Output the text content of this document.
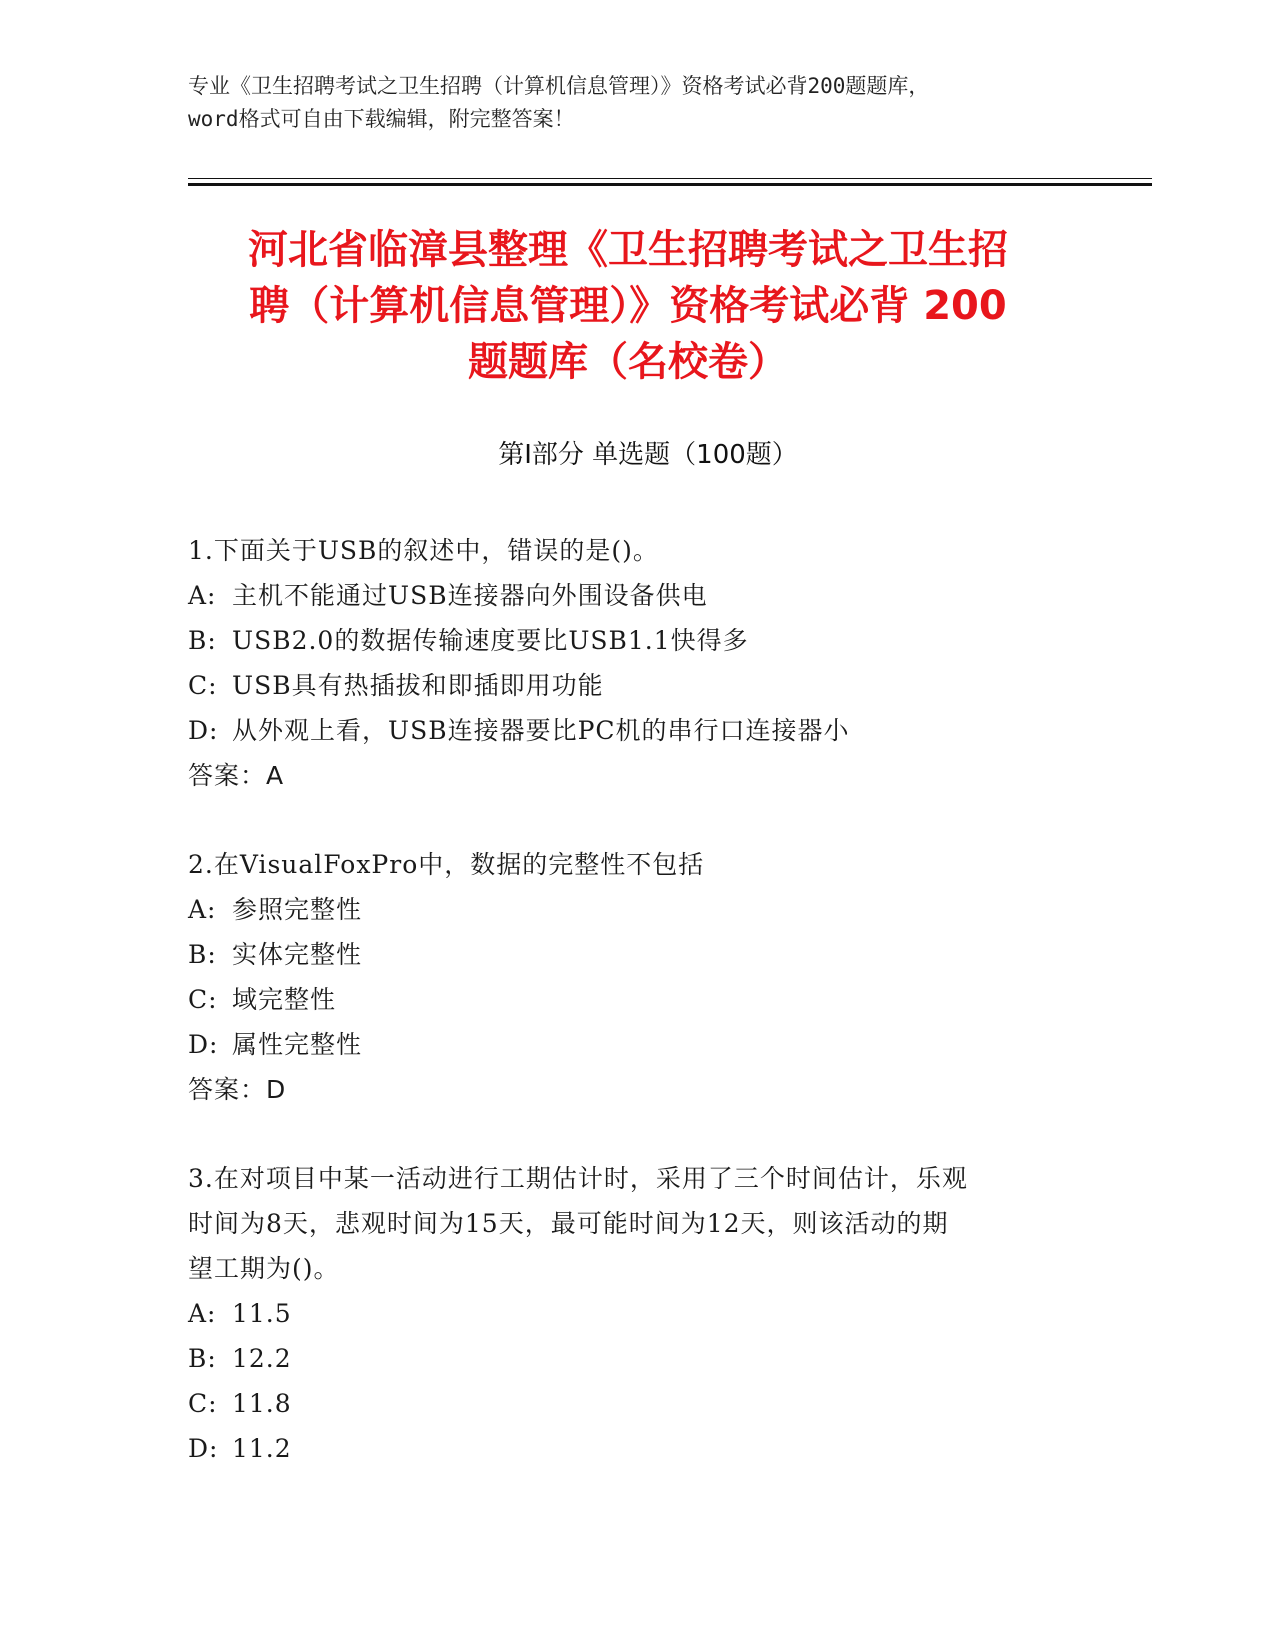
专业《卫生招聘考试之卫生招聘（计算机信息管理）》资格考试必背200题题库，
word格式可自由下载编辑，附完整答案！
河北省临漳县整理《卫生招聘考试之卫生招
聘（计算机信息管理）》资格考试必背 200
题题库（名校卷）
第Ⅰ部分 单选题（100题）
1.下面关于USB的叙述中，错误的是()。
A: 主机不能通过USB连接器向外围设备供电
B: USB2.0的数据传输速度要比USB1.1快得多
C: USB具有热插拔和即插即用功能
D: 从外观上看，USB连接器要比PC机的串行口连接器小
答案：A
2.在VisualFoxPro中，数据的完整性不包括
A: 参照完整性
B: 实体完整性
C: 域完整性
D: 属性完整性
答案：D
3.在对项目中某一活动进行工期估计时，采用了三个时间估计，乐观
时间为8天，悲观时间为15天，最可能时间为12天，则该活动的期
望工期为()。
A: 11.5
B: 12.2
C: 11.8
D: 11.2
